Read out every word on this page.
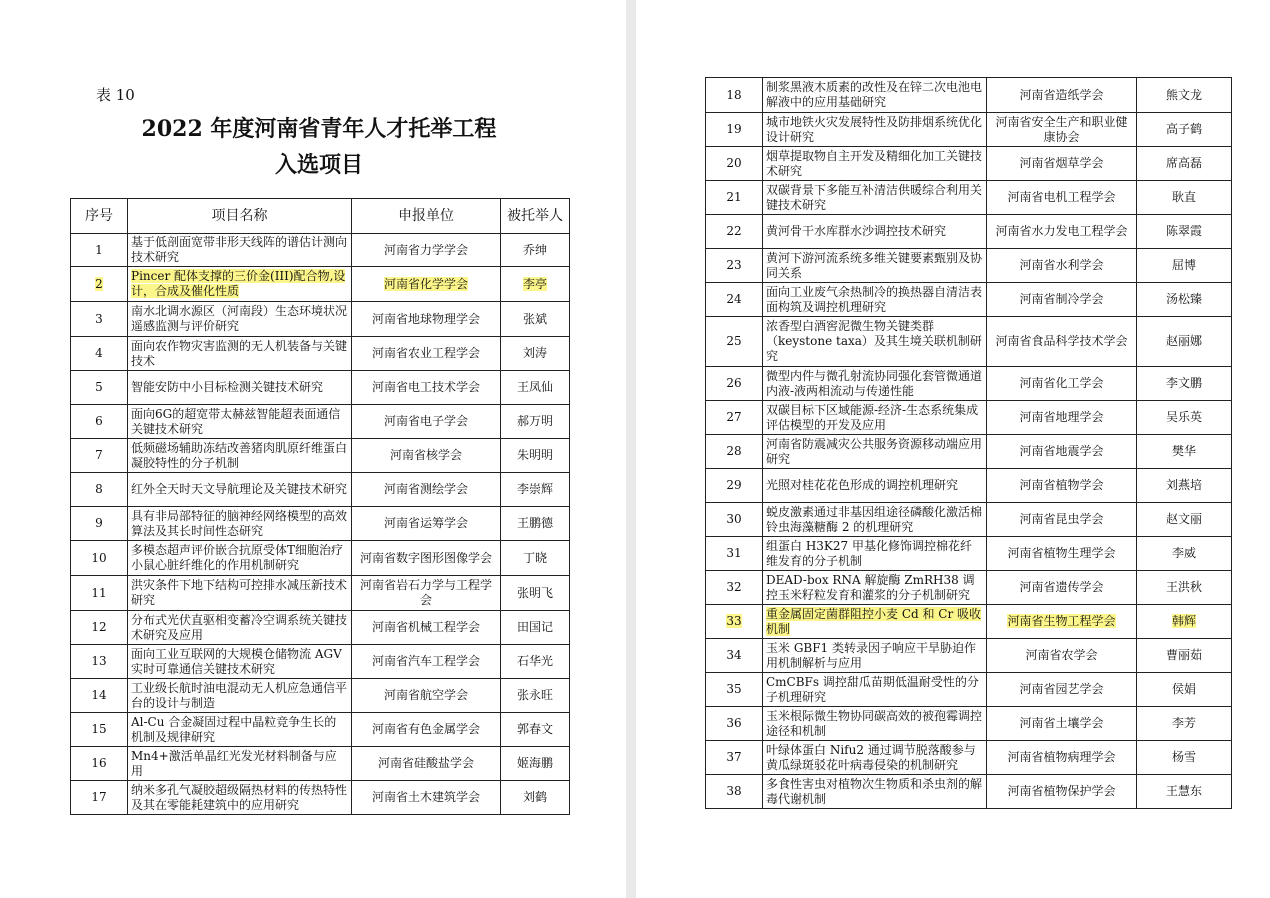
表 10
2022 年度河南省青年人才托举工程
入选项目
序号	项目名称	申报单位	被托举人
1	基于低剖面宽带非形天线阵的谱估计测向技术研究	河南省力学学会	乔绅
2	Pincer 配体支撑的三价金(III)配合物,设计，合成及催化性质	河南省化学学会	李亭
3	南水北调水源区（河南段）生态环境状况遥感监测与评价研究	河南省地球物理学会	张斌
4	面向农作物灾害监测的无人机装备与关键技术	河南省农业工程学会	刘涛
5	智能安防中小目标检测关键技术研究	河南省电工技术学会	王凤仙
6	面向6G的超宽带太赫兹智能超表面通信关键技术研究	河南省电子学会	郝万明
7	低频磁场辅助冻结改善猪肉肌原纤维蛋白凝胶特性的分子机制	河南省核学会	朱明明
8	红外全天时天文导航理论及关键技术研究	河南省测绘学会	李崇辉
9	具有非局部特征的脑神经网络模型的高效算法及其长时间性态研究	河南省运筹学会	王鹏德
10	多模态超声评价嵌合抗原受体T细胞治疗小鼠心脏纤维化的作用机制研究	河南省数字图形图像学会	丁晓
11	洪灾条件下地下结构可控排水减压新技术研究	河南省岩石力学与工程学会	张明飞
12	分布式光伏直驱相变蓄冷空调系统关键技术研究及应用	河南省机械工程学会	田国记
13	面向工业互联网的大规模仓储物流 AGV 实时可靠通信关键技术研究	河南省汽车工程学会	石华光
14	工业级长航时油电混动无人机应急通信平台的设计与制造	河南省航空学会	张永旺
15	Al-Cu 合金凝固过程中晶粒竞争生长的机制及规律研究	河南省有色金属学会	郭春文
16	Mn4+激活单晶红光发光材料制备与应用	河南省硅酸盐学会	姬海鹏
17	纳米多孔气凝胶超级隔热材料的传热特性及其在零能耗建筑中的应用研究	河南省土木建筑学会	刘鹤
18	制浆黑液木质素的改性及在锌二次电池电解液中的应用基础研究	河南省造纸学会	熊文龙
19	城市地铁火灾发展特性及防排烟系统优化设计研究	河南省安全生产和职业健康协会	高子鹤
20	烟草提取物自主开发及精细化加工关键技术研究	河南省烟草学会	席高磊
21	双碳背景下多能互补清洁供暖综合利用关键技术研究	河南省电机工程学会	耿直
22	黄河骨干水库群水沙调控技术研究	河南省水力发电工程学会	陈翠霞
23	黄河下游河流系统多维关键要素甄别及协同关系	河南省水利学会	屈博
24	面向工业废气余热制冷的换热器自清洁表面构筑及调控机理研究	河南省制冷学会	汤松臻
25	浓香型白酒窖泥微生物关键类群（keystone taxa）及其生境关联机制研究	河南省食品科学技术学会	赵丽娜
26	微型内件与微孔射流协同强化套管微通道内液-液两相流动与传递性能	河南省化工学会	李文鹏
27	双碳目标下区域能源-经济-生态系统集成评估模型的开发及应用	河南省地理学会	吴乐英
28	河南省防震减灾公共服务资源移动端应用研究	河南省地震学会	樊华
29	光照对桂花花色形成的调控机理研究	河南省植物学会	刘燕培
30	蜕皮激素通过非基因组途径磷酸化激活棉铃虫海藻糖酶 2 的机理研究	河南省昆虫学会	赵文丽
31	组蛋白 H3K27 甲基化修饰调控棉花纤维发育的分子机制	河南省植物生理学会	李威
32	DEAD-box RNA 解旋酶 ZmRH38 调控玉米籽粒发育和灌浆的分子机制研究	河南省遗传学会	王洪秋
33	重金属固定菌群阻控小麦 Cd 和 Cr 吸收机制	河南省生物工程学会	韩辉
34	玉米 GBF1 类转录因子响应干旱胁迫作用机制解析与应用	河南省农学会	曹丽茹
35	CmCBFs 调控甜瓜苗期低温耐受性的分子机理研究	河南省园艺学会	侯娟
36	玉米根际微生物协同碳高效的被孢霉调控途径和机制	河南省土壤学会	李芳
37	叶绿体蛋白 Nifu2 通过调节脱落酸参与黄瓜绿斑驳花叶病毒侵染的机制研究	河南省植物病理学会	杨雪
38	多食性害虫对植物次生物质和杀虫剂的解毒代谢机制	河南省植物保护学会	王慧东
